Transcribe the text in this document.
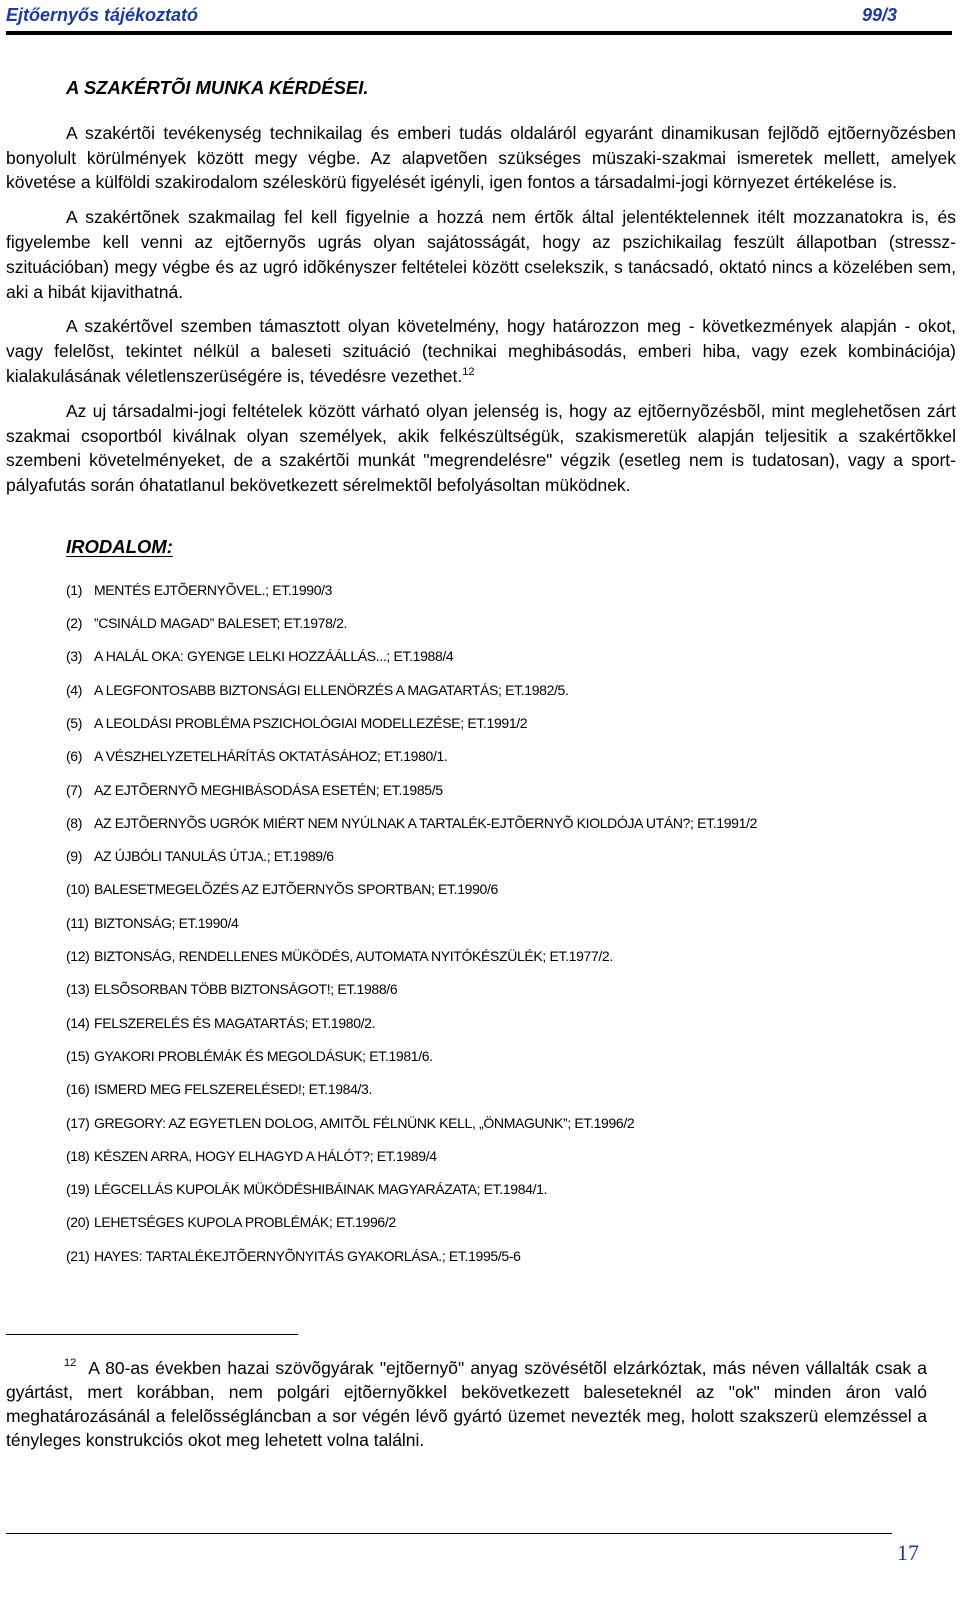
Ejtőernyős tájékoztató	99/3
A SZAKÉRTÕI MUNKA KÉRDÉSEI.

A szakértõi tevékenység technikailag és emberi tudás oldaláról egyaránt dinamikusan fejlõdõ ejtõernyõzésben bonyolult körülmények között megy végbe. Az alapvetõen szükséges müszaki-szakmai ismeretek mellett, amelyek követése a külföldi szakirodalom széleskörü figyelését igényli, igen fontos a társadalmi-jogi környezet értékelése is.

A szakértõnek szakmailag fel kell figyelnie a hozzá nem értõk által jelentéktelennek itélt mozzanatokra is, és figyelembe kell venni az ejtõernyõs ugrás olyan sajátosságát, hogy az pszichikailag feszült állapotban (stressz-szituációban) megy végbe és az ugró idõkényszer feltételei között cselekszik, s tanácsadó, oktató nincs a közelében sem, aki a hibát kijavithatná.

A szakértõvel szemben támasztott olyan követelmény, hogy határozzon meg - következmények alapján - okot, vagy felelõst, tekintet nélkül a baleseti szituáció (technikai meghibásodás, emberi hiba, vagy ezek kombinációja) kialakulásának véletlenszerüségére is, tévedésre vezethet.$^{12}$

Az uj társadalmi-jogi feltételek között várható olyan jelenség is, hogy az ejtõernyõzésbõl, mint meglehetõsen zárt szakmai csoportból kiválnak olyan személyek, akik felkészültségük, szakismeretük alapján teljesitik a szakértõkkel szembeni követelményeket, de a szakértõi munkát "megrendelésre" végzik (esetleg nem is tudatosan), vagy a sport-pályafutás során óhatatlanul bekövetkezett sérelmektõl befolyásoltan müködnek.

IRODALOM:
(1) MENTÉS EJTÕERNYÕVEL.; ET.1990/3
(2) ”CSINÁLD MAGAD” BALESET; ET.1978/2.
(3) A HALÁL OKA: GYENGE LELKI HOZZÁÁLLÁS...; ET.1988/4
(4) A LEGFONTOSABB BIZTONSÁGI ELLENÖRZÉS A MAGATARTÁS; ET.1982/5.
(5) A LEOLDÁSI PROBLÉMA PSZICHOLÓGIAI MODELLEZÉSE; ET.1991/2
(6) A VÉSZHELYZETELHÁRÍTÁS OKTATÁSÁHOZ; ET.1980/1.
(7) AZ EJTÕERNYÕ MEGHIBÁSODÁSA ESETÉN; ET.1985/5
(8) AZ EJTÕERNYÕS UGRÓK MIÉRT NEM NYÚLNAK A TARTALÉK-EJTÕERNYÕ KIOLDÓJA UTÁN?; ET.1991/2
(9) AZ ÚJBÓLI TANULÁS ÚTJA.; ET.1989/6
(10) BALESETMEGELÕZÉS AZ EJTÕERNYÕS SPORTBAN; ET.1990/6
(11) BIZTONSÁG; ET.1990/4
(12) BIZTONSÁG, RENDELLENES MÜKÖDÉS, AUTOMATA NYITÓKÉSZÜLÉK; ET.1977/2.
(13) ELSÕSORBAN TÖBB BIZTONSÁGOT!; ET.1988/6
(14) FELSZERELÉS ÉS MAGATARTÁS; ET.1980/2.
(15) GYAKORI PROBLÉMÁK ÉS MEGOLDÁSUK; ET.1981/6.
(16) ISMERD MEG FELSZERELÉSED!; ET.1984/3.
(17) GREGORY: AZ EGYETLEN DOLOG, AMITÕL FÉLNÜNK KELL, „ÖNMAGUNK”; ET.1996/2
(18) KÉSZEN ARRA, HOGY ELHAGYD A HÁLÓT?; ET.1989/4
(19) LÉGCELLÁS KUPOLÁK MÜKÖDÉSHIBÁINAK MAGYARÁZATA; ET.1984/1.
(20) LEHETSÉGES KUPOLA PROBLÉMÁK; ET.1996/2
(21) HAYES: TARTALÉKEJTÕERNYÕNYITÁS GYAKORLÁSA.; ET.1995/5-6
$^{12}$ A 80-as években hazai szövõgyárak "ejtõernyõ" anyag szövésétõl elzárkóztak, más néven vállalták csak a gyártást, mert korábban, nem polgári ejtõernyõkkel bekövetkezett baleseteknél az "ok" minden áron való meghatározásánál a felelõsségláncban a sor végén lévõ gyártó üzemet nevezték meg, holott szakszerü elemzéssel a tényleges konstrukciós okot meg lehetett volna találni.
17
